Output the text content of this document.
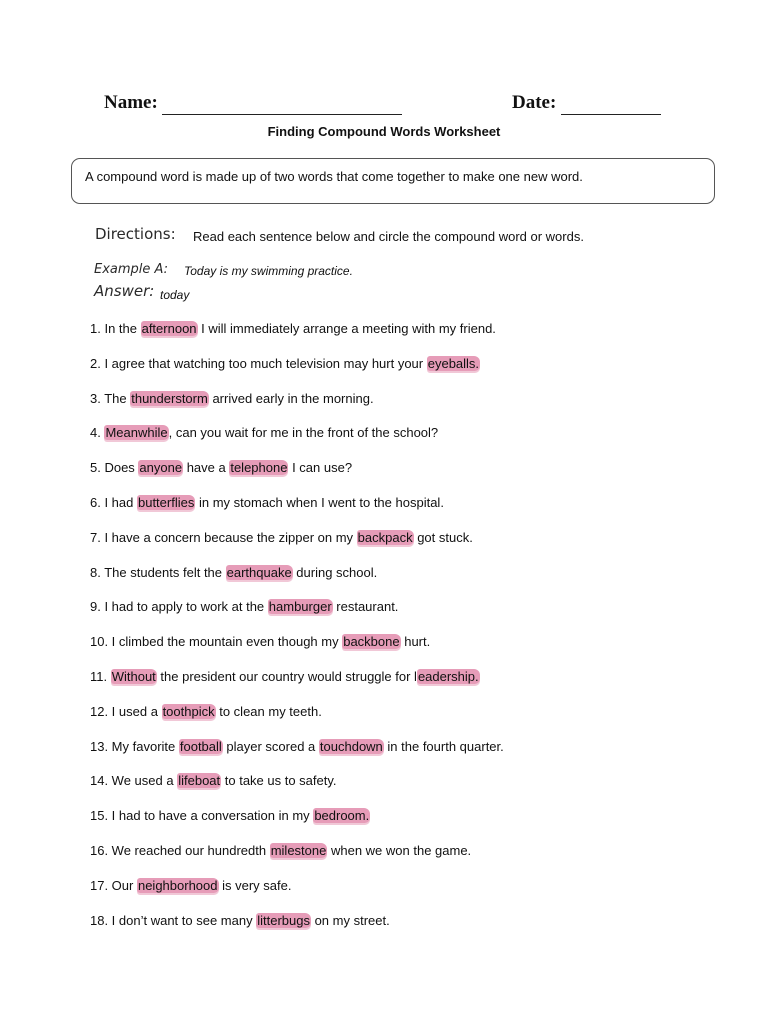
Name:	Date:
Finding Compound Words Worksheet
A compound word is made up of two words that come together to make one new word.
Directions: Read each sentence below and circle the compound word or words.
Example A: Today is my swimming practice.
Answer: today
1. In the afternoon I will immediately arrange a meeting with my friend.
2. I agree that watching too much television may hurt your eyeballs.
3. The thunderstorm arrived early in the morning.
4. Meanwhile, can you wait for me in the front of the school?
5. Does anyone have a telephone I can use?
6. I had butterflies in my stomach when I went to the hospital.
7. I have a concern because the zipper on my backpack got stuck.
8. The students felt the earthquake during school.
9. I had to apply to work at the hamburger restaurant.
10. I climbed the mountain even though my backbone hurt.
11. Without the president our country would struggle for leadership.
12. I used a toothpick to clean my teeth.
13. My favorite football player scored a touchdown in the fourth quarter.
14. We used a lifeboat to take us to safety.
15. I had to have a conversation in my bedroom.
16. We reached our hundredth milestone when we won the game.
17. Our neighborhood is very safe.
18. I don’t want to see many litterbugs on my street.
